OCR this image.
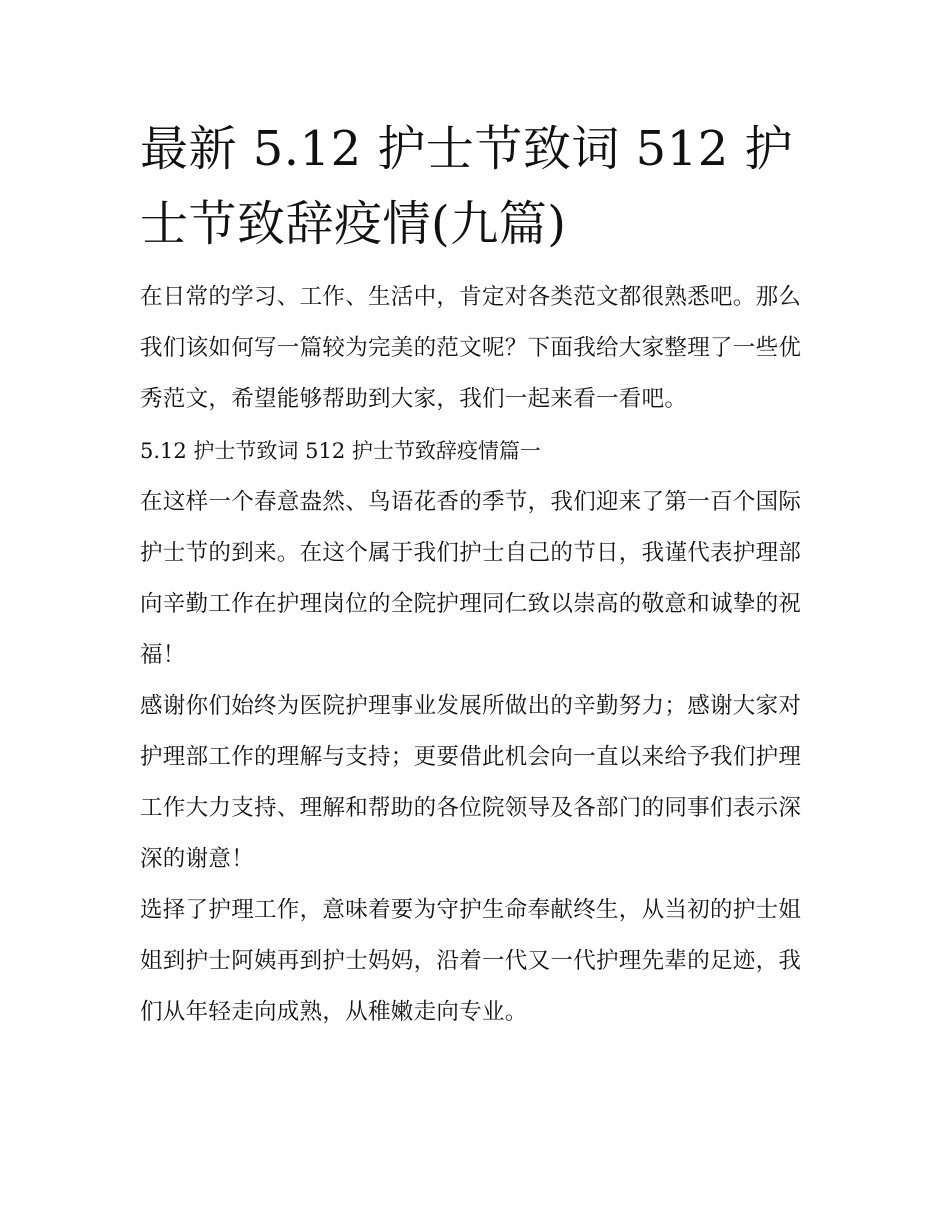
最新 5.12 护士节致词 512 护士节致辞疫情(九篇)

在日常的学习、工作、生活中，肯定对各类范文都很熟悉吧。那么我们该如何写一篇较为完美的范文呢？下面我给大家整理了一些优秀范文，希望能够帮助到大家，我们一起来看一看吧。

5.12 护士节致词 512 护士节致辞疫情篇一

在这样一个春意盎然、鸟语花香的季节，我们迎来了第一百个国际护士节的到来。在这个属于我们护士自己的节日，我谨代表护理部向辛勤工作在护理岗位的全院护理同仁致以崇高的敬意和诚挚的祝福！

感谢你们始终为医院护理事业发展所做出的辛勤努力；感谢大家对护理部工作的理解与支持；更要借此机会向一直以来给予我们护理工作大力支持、理解和帮助的各位院领导及各部门的同事们表示深深的谢意！

选择了护理工作，意味着要为守护生命奉献终生，从当初的护士姐姐到护士阿姨再到护士妈妈，沿着一代又一代护理先辈的足迹，我们从年轻走向成熟，从稚嫩走向专业。
